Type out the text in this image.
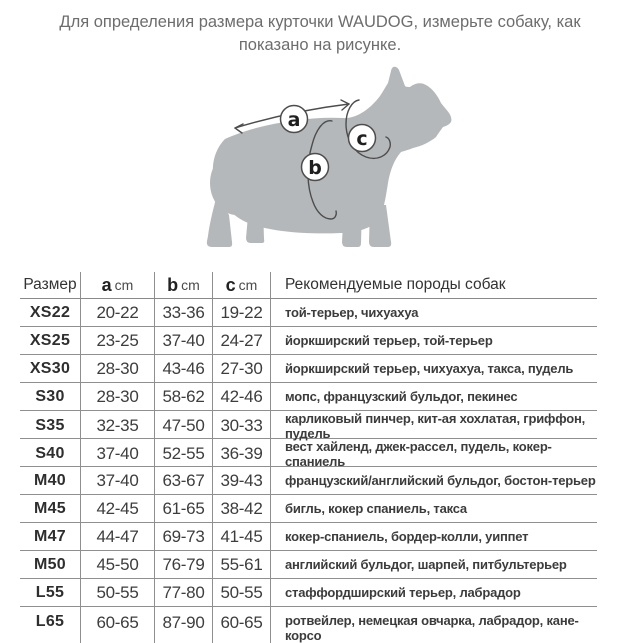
Для определения размера курточки WAUDOG, измерьте собаку, как
показано на рисунке.
a
b
c
Размер a cm b cm c cm	Рекомендуемые породы собак
XS22	20-22	33-36 19-22	той-терьер, чихуахуа
XS25	23-25	37-40 24-27	йоркширский терьер, той-терьер
XS30	28-30	43-46 27-30	йоркширский терьер, чихуахуа, такса, пудель
S30	28-30	58-62 42-46	мопс, французский бульдог, пекинес
S35	32-35	47-50 30-33	карликовый пинчер, кит-ая хохлатая, гриффон, пудель
S40	37-40	52-55 36-39	вест хайленд, джек-рассел, пудель, кокер-спаниель
M40	37-40	63-67 39-43	французский/английский бульдог, бостон-терьер
M45	42-45	61-65 38-42	бигль, кокер спаниель, такса
M47	44-47	69-73 41-45	кокер-спаниель, бордер-колли, уиппет
M50	45-50	76-79 55-61	английский бульдог, шарпей, питбультерьер
L55	50-55	77-80 50-55	стаффордширский терьер, лабрадор
L65	60-65	87-90 60-65	ротвейлер, немецкая овчарка, лабрадор, кане-корсо
